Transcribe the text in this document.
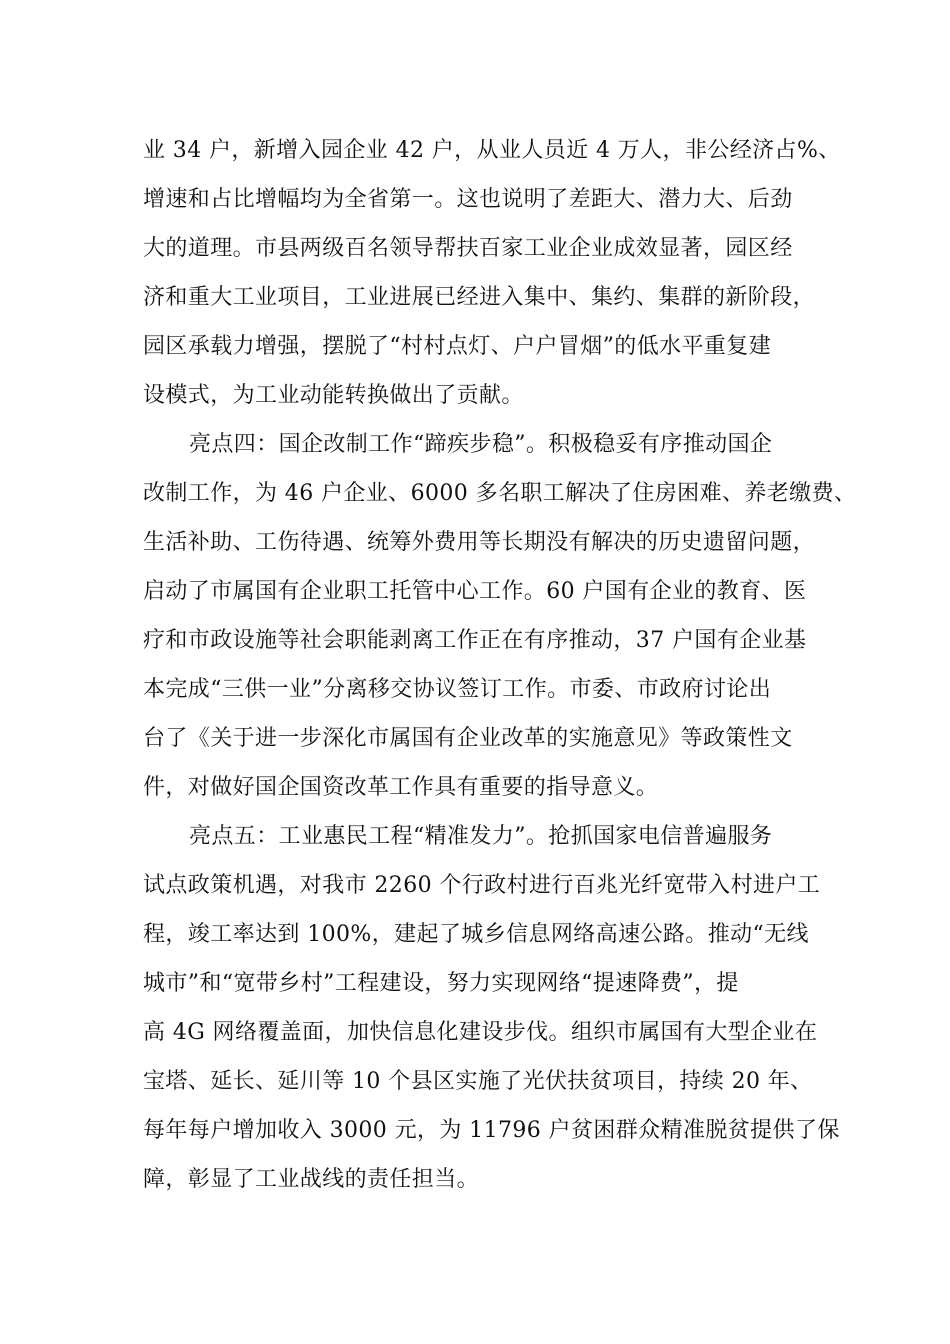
业 34 户，新增入园企业 42 户，从业人员近 4 万人，非公经济占%、
增速和占比增幅均为全省第一。这也说明了差距大、潜力大、后劲
大的道理。市县两级百名领导帮扶百家工业企业成效显著，园区经
济和重大工业项目，工业进展已经进入集中、集约、集群的新阶段，
园区承载力增强，摆脱了“村村点灯、户户冒烟”的低水平重复建
设模式，为工业动能转换做出了贡献。
亮点四：国企改制工作“蹄疾步稳”。积极稳妥有序推动国企
改制工作，为 46 户企业、6000 多名职工解决了住房困难、养老缴费、
生活补助、工伤待遇、统筹外费用等长期没有解决的历史遗留问题，
启动了市属国有企业职工托管中心工作。60 户国有企业的教育、医
疗和市政设施等社会职能剥离工作正在有序推动，37 户国有企业基
本完成“三供一业”分离移交协议签订工作。市委、市政府讨论出
台了《关于进一步深化市属国有企业改革的实施意见》等政策性文
件，对做好国企国资改革工作具有重要的指导意义。
亮点五：工业惠民工程“精准发力”。抢抓国家电信普遍服务
试点政策机遇，对我市 2260 个行政村进行百兆光纤宽带入村进户工
程，竣工率达到 100%，建起了城乡信息网络高速公路。推动“无线
城市”和“宽带乡村”工程建设，努力实现网络“提速降费”，提
高 4G 网络覆盖面，加快信息化建设步伐。组织市属国有大型企业在
宝塔、延长、延川等 10 个县区实施了光伏扶贫项目，持续 20 年、
每年每户增加收入 3000 元，为 11796 户贫困群众精准脱贫提供了保
障，彰显了工业战线的责任担当。
